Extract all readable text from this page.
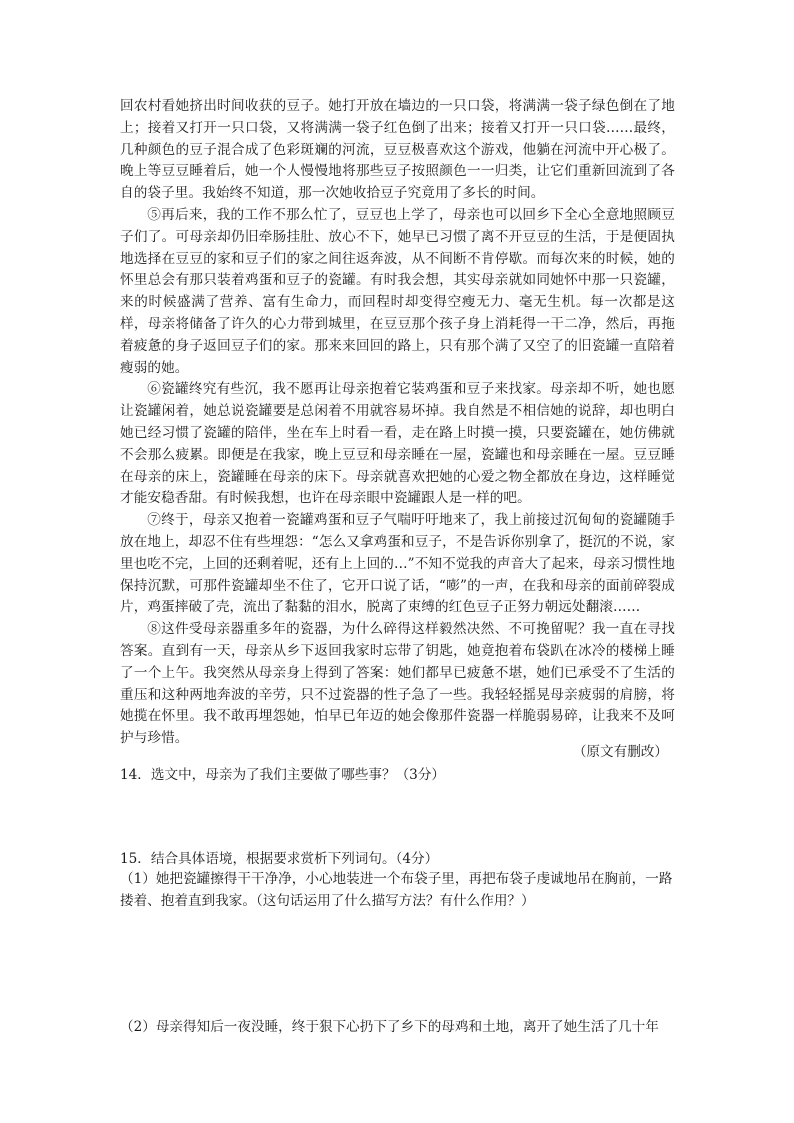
回农村看她挤出时间收获的豆子。她打开放在墙边的一只口袋，将满满一袋子绿色倒在了地上；接着又打开一只口袋，又将满满一袋子红色倒了出来；接着又打开一只口袋……最终，几种颜色的豆子混合成了色彩斑斓的河流，豆豆极喜欢这个游戏，他躺在河流中开心极了。晚上等豆豆睡着后，她一个人慢慢地将那些豆子按照颜色一一归类，让它们重新回流到了各自的袋子里。我始终不知道，那一次她收拾豆子究竟用了多长的时间。

⑤再后来，我的工作不那么忙了，豆豆也上学了，母亲也可以回乡下全心全意地照顾豆子们了。可母亲却仍旧牵肠挂肚、放心不下，她早已习惯了离不开豆豆的生活，于是便固执地选择在豆豆的家和豆子们的家之间往返奔波，从不间断不肯停歇。而每次来的时候，她的怀里总会有那只装着鸡蛋和豆子的瓷罐。有时我会想，其实母亲就如同她怀中那一只瓷罐，来的时候盛满了营养、富有生命力，而回程时却变得空瘦无力、毫无生机。每一次都是这样，母亲将储备了许久的心力带到城里，在豆豆那个孩子身上消耗得一干二净，然后，再拖着疲惫的身子返回豆子们的家。那来来回回的路上，只有那个满了又空了的旧瓷罐一直陪着瘦弱的她。

⑥瓷罐终究有些沉，我不愿再让母亲抱着它装鸡蛋和豆子来找家。母亲却不听，她也愿让瓷罐闲着，她总说瓷罐要是总闲着不用就容易坏掉。我自然是不相信她的说辞，却也明白她已经习惯了瓷罐的陪伴，坐在车上时看一看，走在路上时摸一摸，只要瓷罐在，她仿佛就不会那么疲累。即便是在我家，晚上豆豆和母亲睡在一屋，瓷罐也和母亲睡在一屋。豆豆睡在母亲的床上，瓷罐睡在母亲的床下。母亲就喜欢把她的心爱之物全都放在身边，这样睡觉才能安稳香甜。有时候我想，也许在母亲眼中瓷罐跟人是一样的吧。

⑦终于，母亲又抱着一瓷罐鸡蛋和豆子气喘吁吁地来了，我上前接过沉甸甸的瓷罐随手放在地上，却忍不住有些埋怨：“怎么又拿鸡蛋和豆子，不是告诉你别拿了，挺沉的不说，家里也吃不完，上回的还剩着呢，还有上上回的…”不知不觉我的声音大了起来，母亲习惯性地保持沉默，可那件瓷罐却坐不住了，它开口说了话，“嘭”的一声，在我和母亲的面前碎裂成片，鸡蛋摔破了壳，流出了黏黏的泪水，脱离了束缚的红色豆子正努力朝远处翻滚……

⑧这件受母亲器重多年的瓷器，为什么碎得这样毅然决然、不可挽留呢？我一直在寻找答案。直到有一天，母亲从乡下返回我家时忘带了钥匙，她竟抱着布袋趴在冰冷的楼梯上睡了一个上午。我突然从母亲身上得到了答案：她们都早已疲惫不堪，她们已承受不了生活的重压和这种两地奔波的辛劳，只不过瓷器的性子急了一些。我轻轻摇晃母亲疲弱的肩膀，将她揽在怀里。我不敢再埋怨她，怕早已年迈的她会像那件瓷器一样脆弱易碎，让我来不及呵护与珍惜。

（原文有删改）

14．选文中，母亲为了我们主要做了哪些事？（3分）

15．结合具体语境，根据要求赏析下列词句。（4分）

（1）她把瓷罐擦得干干净净，小心地装进一个布袋子里，再把布袋子虔诚地吊在胸前，一路搂着、抱着直到我家。（这句话运用了什么描写方法？有什么作用？）

（2）母亲得知后一夜没睡，终于狠下心扔下了乡下的母鸡和土地，离开了她生活了几十年
